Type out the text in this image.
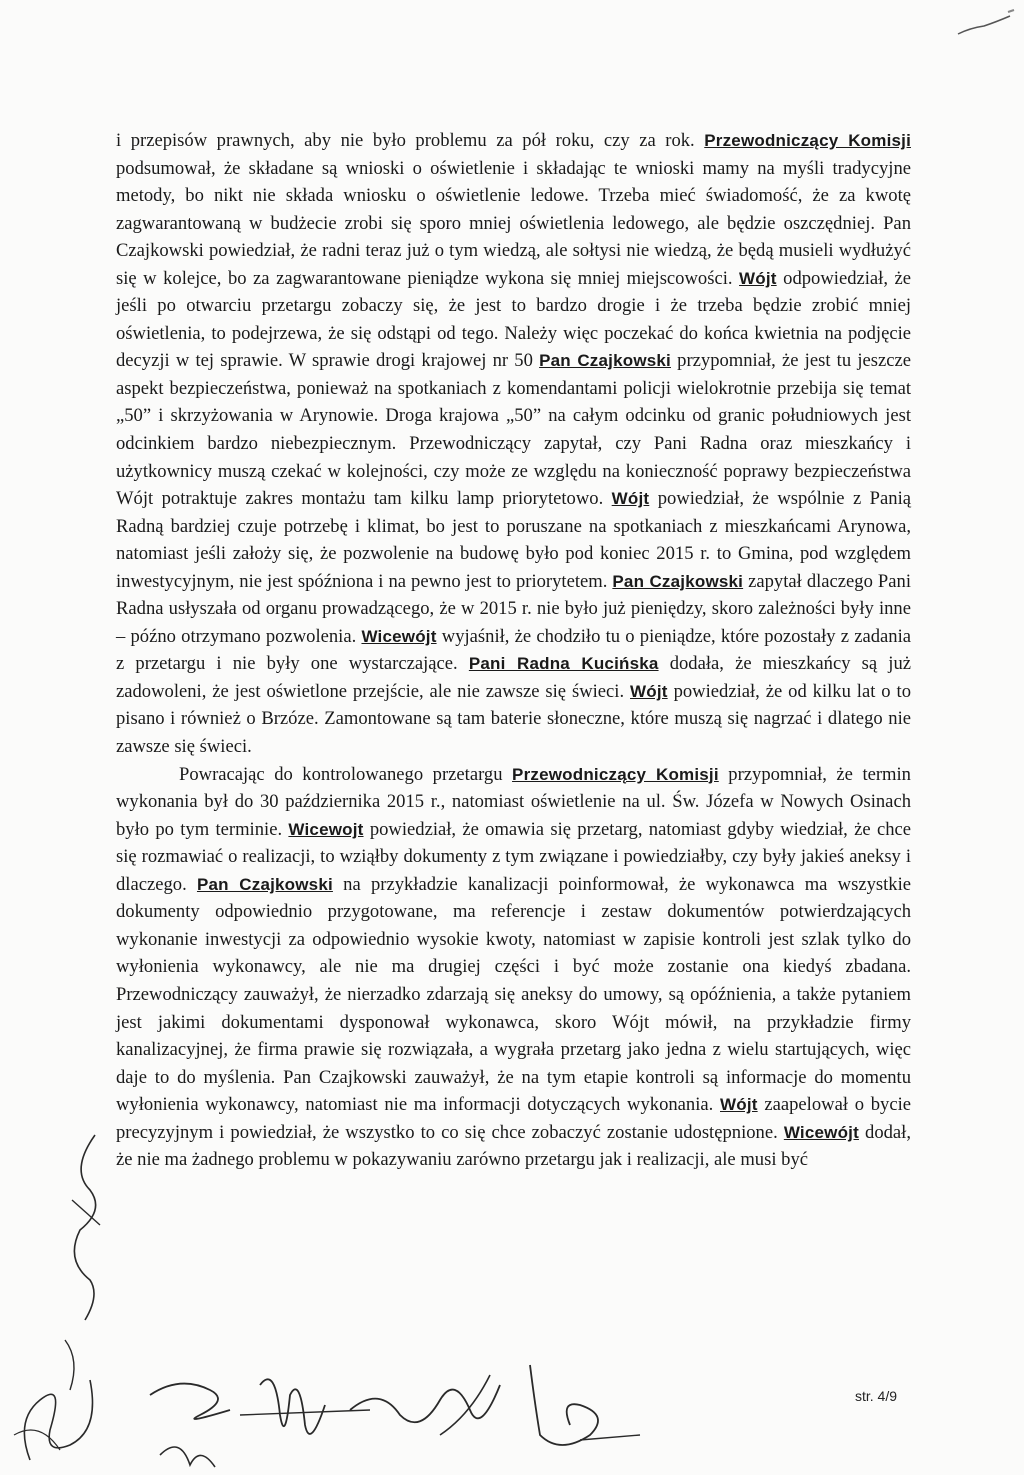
i przepisów prawnych, aby nie było problemu za pół roku, czy za rok. Przewodniczący Komisji podsumował, że składane są wnioski o oświetlenie i składając te wnioski mamy na myśli tradycyjne metody, bo nikt nie składa wniosku o oświetlenie ledowe. Trzeba mieć świadomość, że za kwotę zagwarantowaną w budżecie zrobi się sporo mniej oświetlenia ledowego, ale będzie oszczędniej. Pan Czajkowski powiedział, że radni teraz już o tym wiedzą, ale sołtysi nie wiedzą, że będą musieli wydłużyć się w kolejce, bo za zagwarantowane pieniądze wykona się mniej miejscowości. Wójt odpowiedział, że jeśli po otwarciu przetargu zobaczy się, że jest to bardzo drogie i że trzeba będzie zrobić mniej oświetlenia, to podejrzewa, że się odstąpi od tego. Należy więc poczekać do końca kwietnia na podjęcie decyzji w tej sprawie. W sprawie drogi krajowej nr 50 Pan Czajkowski przypomniał, że jest tu jeszcze aspekt bezpieczeństwa, ponieważ na spotkaniach z komendantami policji wielokrotnie przebija się temat „50” i skrzyżowania w Arynowie. Droga krajowa „50” na całym odcinku od granic południowych jest odcinkiem bardzo niebezpiecznym. Przewodniczący zapytał, czy Pani Radna oraz mieszkańcy i użytkownicy muszą czekać w kolejności, czy może ze względu na konieczność poprawy bezpieczeństwa Wójt potraktuje zakres montażu tam kilku lamp priorytetowo. Wójt powiedział, że wspólnie z Panią Radną bardziej czuje potrzebę i klimat, bo jest to poruszane na spotkaniach z mieszkańcami Arynowa, natomiast jeśli założy się, że pozwolenie na budowę było pod koniec 2015 r. to Gmina, pod względem inwestycyjnym, nie jest spóźniona i na pewno jest to priorytetem. Pan Czajkowski zapytał dlaczego Pani Radna usłyszała od organu prowadzącego, że w 2015 r. nie było już pieniędzy, skoro zależności były inne – późno otrzymano pozwolenia. Wicewójt wyjaśnił, że chodziło tu o pieniądze, które pozostały z zadania z przetargu i nie były one wystarczające. Pani Radna Kucińska dodała, że mieszkańcy są już zadowoleni, że jest oświetlone przejście, ale nie zawsze się świeci. Wójt powiedział, że od kilku lat o to pisano i również o Brzóze. Zamontowane są tam baterie słoneczne, które muszą się nagrzać i dlatego nie zawsze się świeci.

Powracając do kontrolowanego przetargu Przewodniczący Komisji przypomniał, że termin wykonania był do 30 października 2015 r., natomiast oświetlenie na ul. Św. Józefa w Nowych Osinach było po tym terminie. Wicewojt powiedział, że omawia się przetarg, natomiast gdyby wiedział, że chce się rozmawiać o realizacji, to wziąłby dokumenty z tym związane i powiedziałby, czy były jakieś aneksy i dlaczego. Pan Czajkowski na przykładzie kanalizacji poinformował, że wykonawca ma wszystkie dokumenty odpowiednio przygotowane, ma referencje i zestaw dokumentów potwierdzających wykonanie inwestycji za odpowiednio wysokie kwoty, natomiast w zapisie kontroli jest szlak tylko do wyłonienia wykonawcy, ale nie ma drugiej części i być może zostanie ona kiedyś zbadana. Przewodniczący zauważył, że nierzadko zdarzają się aneksy do umowy, są opóźnienia, a także pytaniem jest jakimi dokumentami dysponował wykonawca, skoro Wójt mówił, na przykładzie firmy kanalizacyjnej, że firma prawie się rozwiązała, a wygrała przetarg jako jedna z wielu startujących, więc daje to do myślenia. Pan Czajkowski zauważył, że na tym etapie kontroli są informacje do momentu wyłonienia wykonawcy, natomiast nie ma informacji dotyczących wykonania. Wójt zaapelował o bycie precyzyjnym i powiedział, że wszystko to co się chce zobaczyć zostanie udostępnione. Wicewójt dodał, że nie ma żadnego problemu w pokazywaniu zarówno przetargu jak i realizacji, ale musi być

str. 4/9
